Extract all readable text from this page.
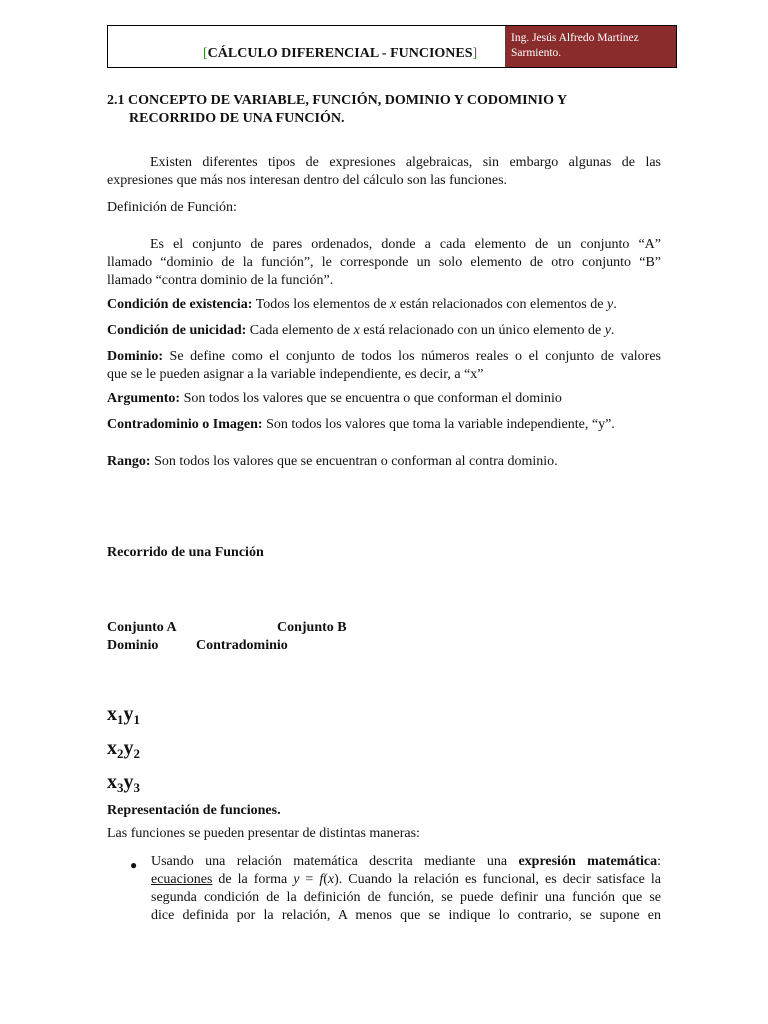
[CÁLCULO DIFERENCIAL - FUNCIONES]
Ing. Jesús Alfredo Martínez
Sarmiento.
2.1 CONCEPTO DE VARIABLE, FUNCIÓN, DOMINIO Y CODOMINIO Y
RECORRIDO DE UNA FUNCIÓN.
Existen diferentes tipos de expresiones algebraicas, sin embargo algunas de las
expresiones que más nos interesan dentro del cálculo son las funciones.
Definición de Función:
Es el conjunto de pares ordenados, donde a cada elemento de un conjunto “A”
llamado “dominio de la función”, le corresponde un solo elemento de otro conjunto “B”
llamado “contra dominio de la función”.
Condición de existencia: Todos los elementos de x están relacionados con elementos de y.
Condición de unicidad: Cada elemento de x está relacionado con un único elemento de y.
Dominio: Se define como el conjunto de todos los números reales o el conjunto de valores
que se le pueden asignar a la variable independiente, es decir, a “x”
Argumento: Son todos los valores que se encuentra o que conforman el dominio
Contradominio o Imagen: Son todos los valores que toma la variable independiente, “y”.
Rango: Son todos los valores que se encuentran o conforman al contra dominio.
Recorrido de una Función
Conjunto A	Conjunto B
Dominio	Contradominio
$x_1y_1$
$x_2y_2$
$x_3y_3$
Representación de funciones.
Las funciones se pueden presentar de distintas maneras:
● Usando una relación matemática descrita mediante una expresión matemática:
ecuaciones de la forma y = f(x). Cuando la relación es funcional, es decir satisface la
segunda condición de la definición de función, se puede definir una función que se
dice definida por la relación, A menos que se indique lo contrario, se supone en
